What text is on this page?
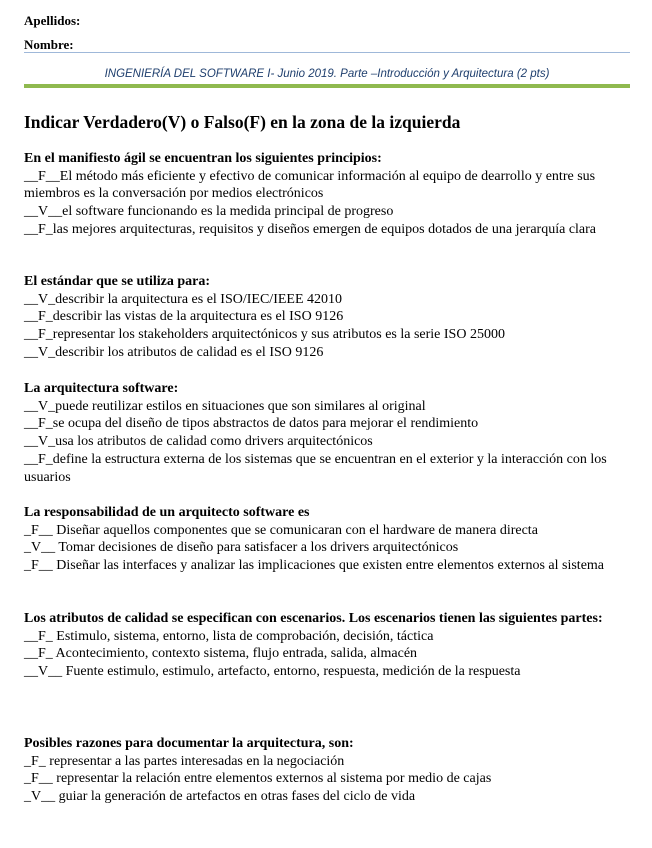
Apellidos:
Nombre:
INGENIERÍA DEL SOFTWARE I- Junio 2019. Parte –Introducción y Arquitectura (2 pts)
Indicar Verdadero(V) o Falso(F) en la zona de la izquierda
En el manifiesto ágil se encuentran los siguientes principios:
__F__El método más eficiente y efectivo de comunicar información al equipo de dearrollo y entre sus miembros es la conversación por medios electrónicos
__V__el software funcionando es la medida principal de progreso
__F_las mejores arquitecturas, requisitos y diseños emergen de equipos dotados de una jerarquía clara
El estándar que se utiliza para:
__V_describir la arquitectura es el ISO/IEC/IEEE 42010
__F_describir las vistas de la arquitectura es el ISO 9126
__F_representar los stakeholders arquitectónicos y sus atributos es la serie ISO 25000
__V_describir los atributos de calidad es el ISO 9126
La arquitectura software:
__V_puede reutilizar estilos en situaciones que son similares al original
__F_se ocupa del diseño de tipos abstractos de datos para mejorar el rendimiento
__V_usa los atributos de calidad como drivers arquitectónicos
__F_define la estructura externa de los sistemas que se encuentran en el exterior y la interacción con los usuarios
La responsabilidad de un arquitecto software es
_F__ Diseñar aquellos componentes que se comunicaran con el hardware de manera directa
_V__ Tomar decisiones de diseño para satisfacer a los drivers arquitectónicos
_F__ Diseñar las interfaces y analizar las implicaciones que existen entre elementos externos al sistema
Los atributos de calidad se especifican con escenarios. Los escenarios tienen las siguientes partes:
__F_ Estimulo, sistema, entorno, lista de comprobación, decisión, táctica
__F_ Acontecimiento, contexto sistema, flujo entrada, salida, almacén
__V__ Fuente estimulo, estimulo, artefacto, entorno, respuesta, medición de la respuesta
Posibles razones para documentar la arquitectura, son:
_F_ representar a las partes interesadas en la negociación
_F__ representar la relación entre elementos externos al sistema por medio de cajas
_V__ guiar la generación de artefactos en otras fases del ciclo de vida
